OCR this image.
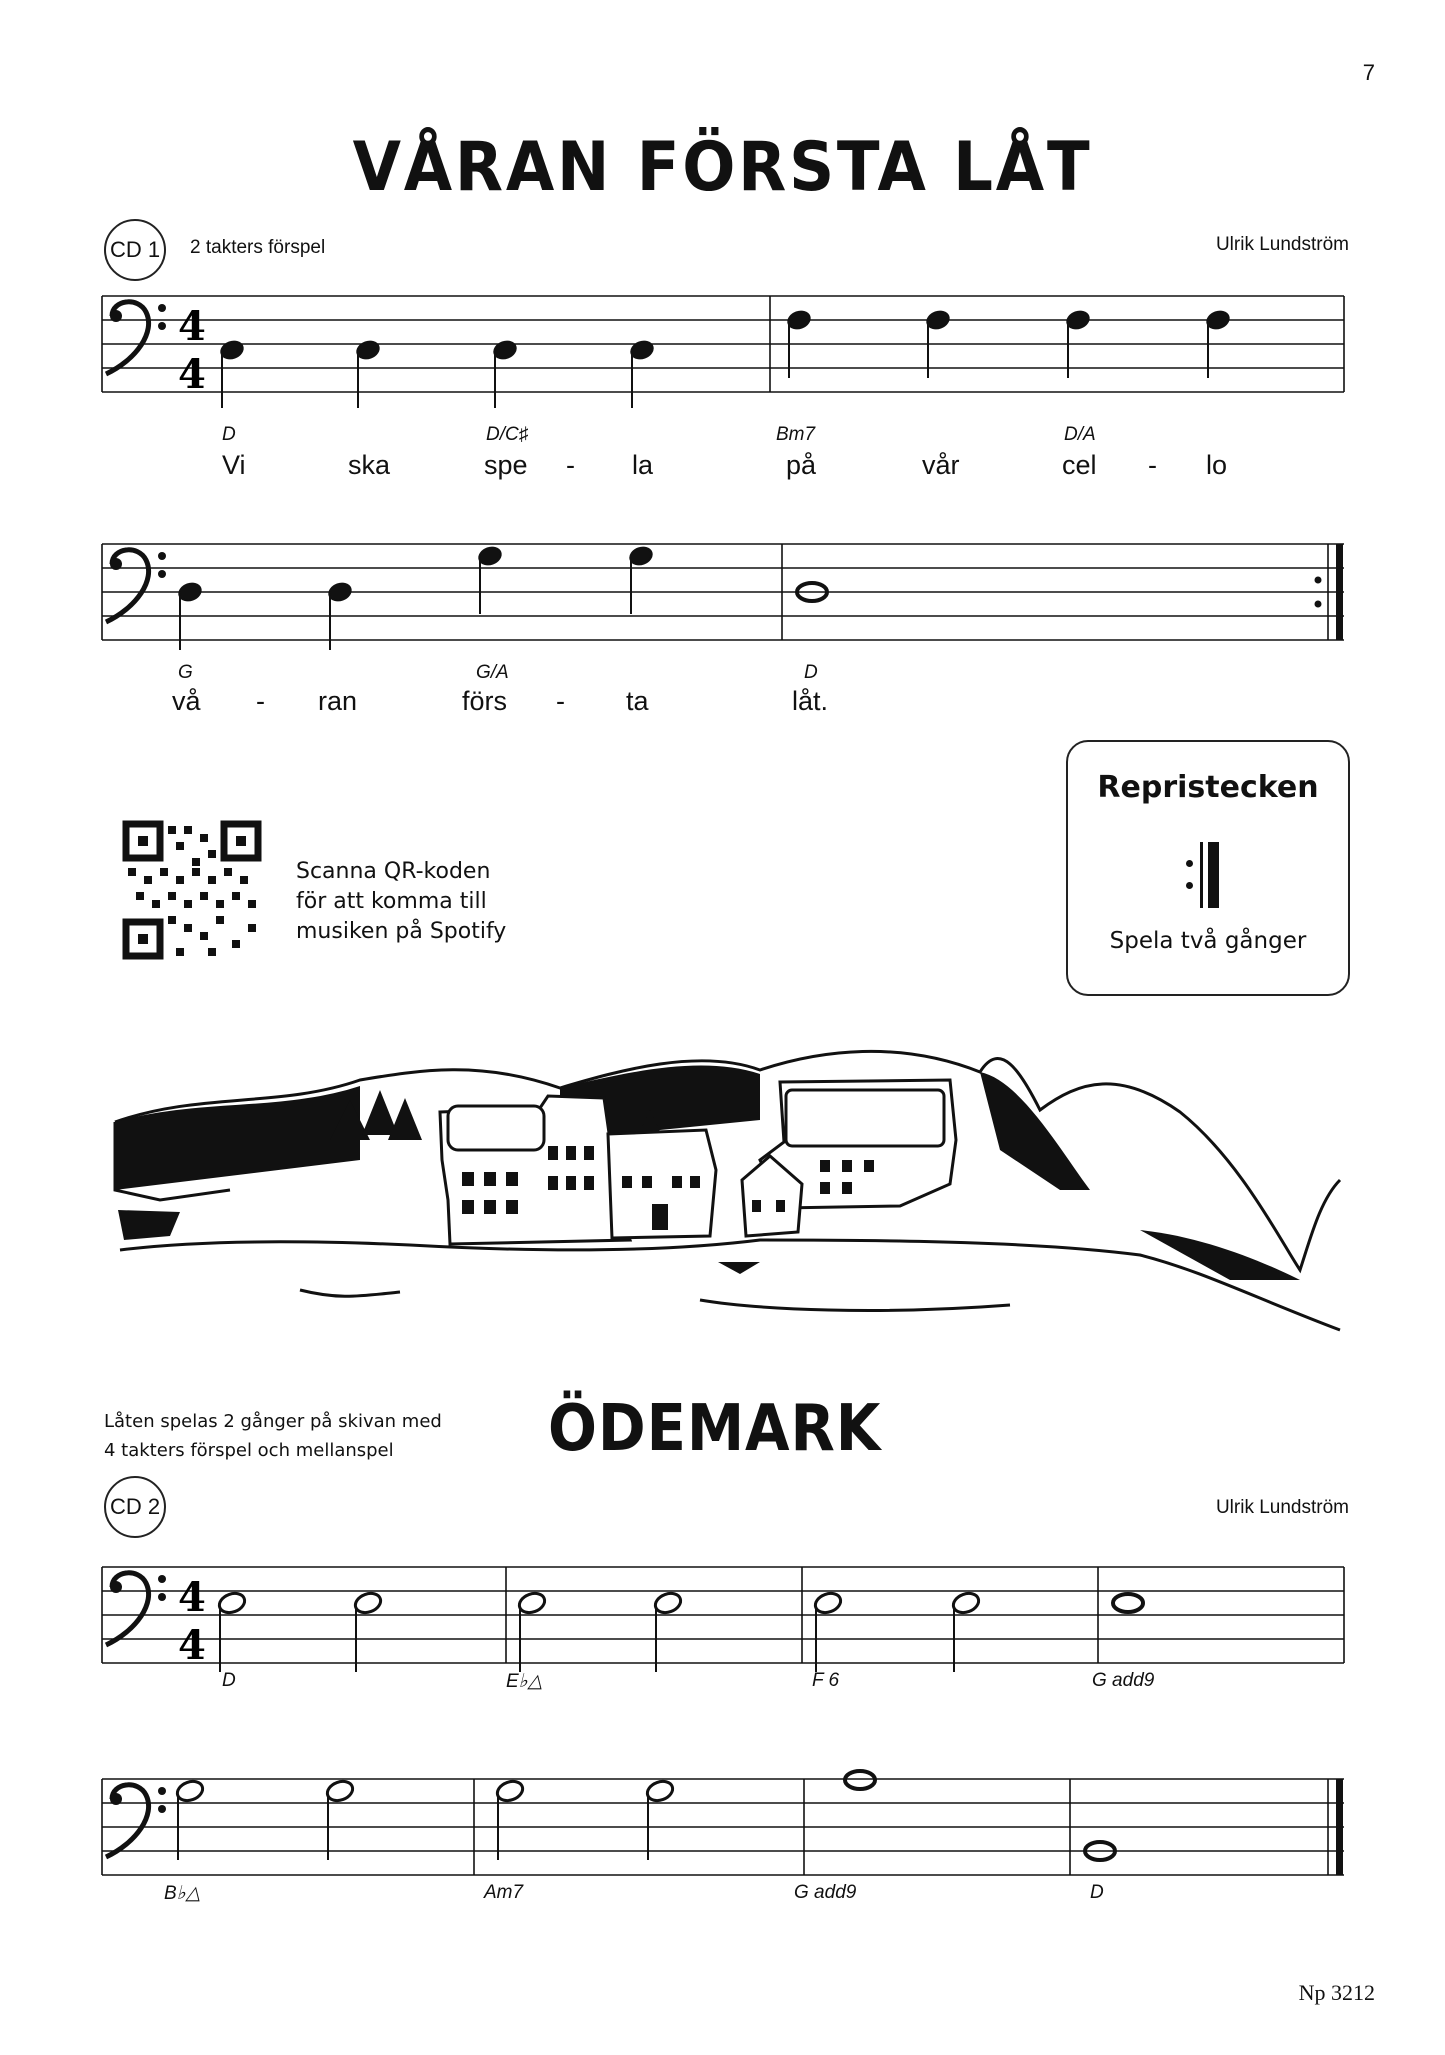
7
VÅRAN FÖRSTA LÅT
CD 1 2 takters förspel	Ulrik Lundström
4
4
4
4
D	D/C♯	Bm7	D/A
Vi	ska	spe - la	på	vår	cel - lo
G	G/A	D
vå - ran	förs - ta	låt.
Scanna QR-koden
för att komma till
musiken på Spotify
Repristecken
Spela två gånger
Låten spelas 2 gånger på skivan med
4 takters förspel och mellanspel	ÖDEMARK
CD 2	Ulrik Lundström
D	E♭△	F 6	G add9
B♭△	Am7	G add9	D
Np 3212
